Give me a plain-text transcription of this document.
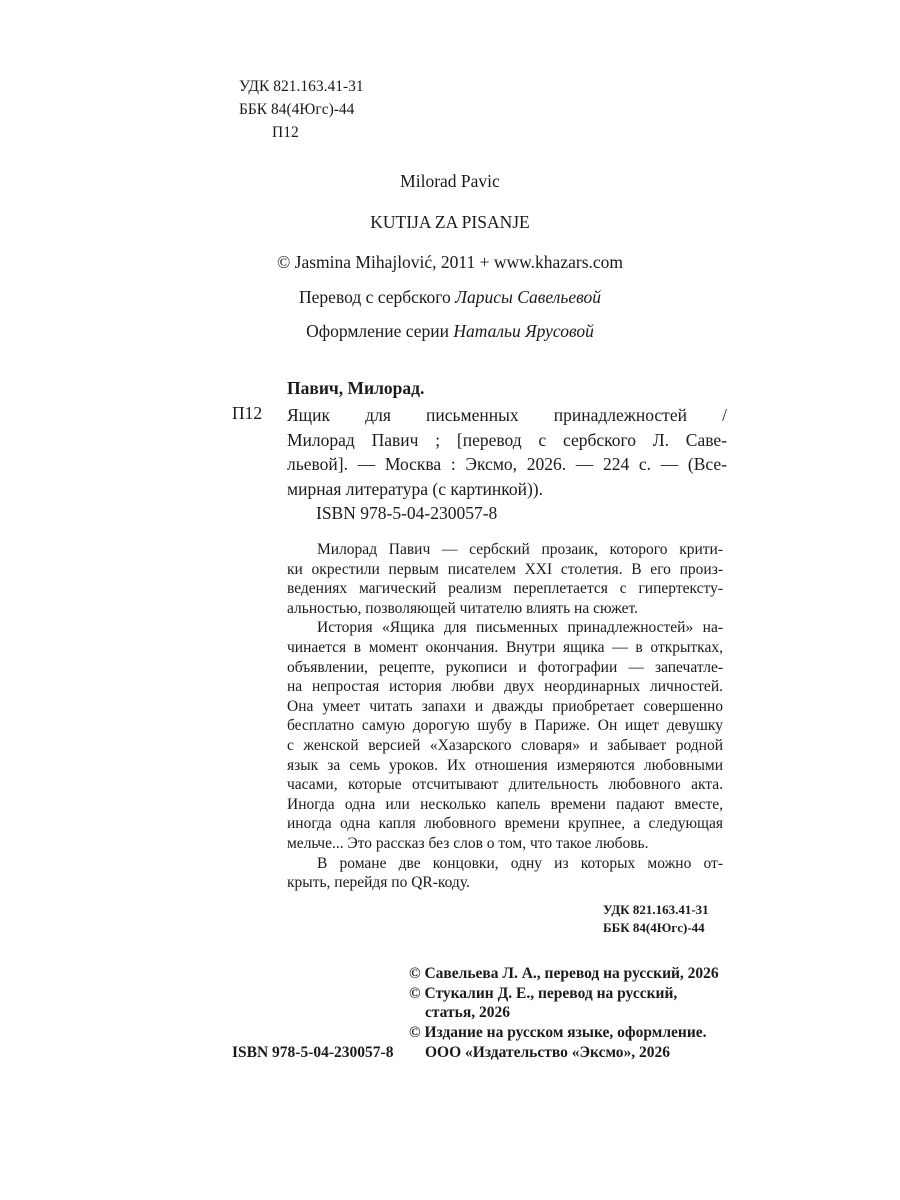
УДК 821.163.41-31
ББК 84(4Югс)-44
П12
Milorad Pavic
KUTIJA ZA PISANJE
© Jasmina Mihajlović, 2011 + www.khazars.com
Перевод с сербского Ларисы Савельевой
Оформление серии Натальи Ярусовой
Павич, Милорад.
П12 Ящик для письменных принадлежностей /
Милорад Павич ; [перевод с сербского Л. Саве-
льевой]. — Москва : Эксмо, 2026. — 224 с. — (Все-
мирная литература (с картинкой)).
ISBN 978-5-04-230057-8
Милорад Павич — сербский прозаик, которого крити-
ки окрестили первым писателем XXI столетия. В его произ-
ведениях магический реализм переплетается с гипертексту-
альностью, позволяющей читателю влиять на сюжет.
История «Ящика для письменных принадлежностей» на-
чинается в момент окончания. Внутри ящика — в открытках,
объявлении, рецепте, рукописи и фотографии — запечатле-
на непростая история любви двух неординарных личностей.
Она умеет читать запахи и дважды приобретает совершенно
бесплатно самую дорогую шубу в Париже. Он ищет девушку
с женской версией «Хазарского словаря» и забывает родной
язык за семь уроков. Их отношения измеряются любовными
часами, которые отсчитывают длительность любовного акта.
Иногда одна или несколько капель времени падают вместе,
иногда одна капля любовного времени крупнее, а следующая
мельче... Это рассказ без слов о том, что такое любовь.
В романе две концовки, одну из которых можно от-
крыть, перейдя по QR-коду.
УДК 821.163.41-31
ББК 84(4Югс)-44
© Савельева Л. А., перевод на русский, 2026
© Стукалин Д. Е., перевод на русский,
статья, 2026
© Издание на русском языке, оформление.
ISBN 978-5-04-230057-8 ООО «Издательство «Эксмо», 2026
